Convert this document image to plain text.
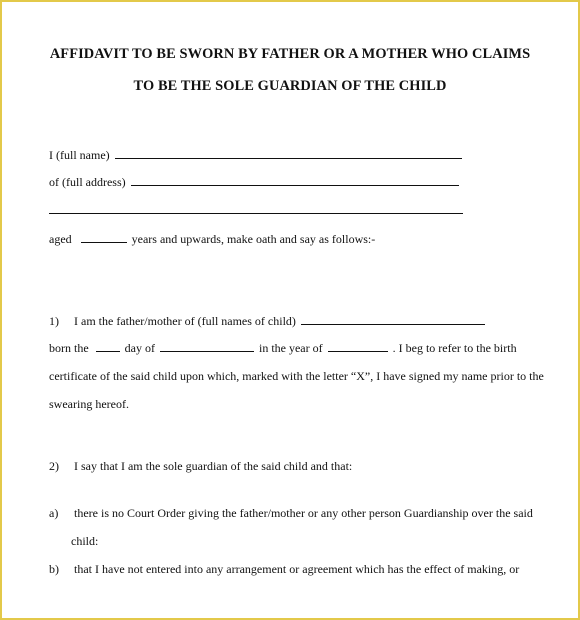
AFFIDAVIT TO BE SWORN BY FATHER OR A MOTHER WHO CLAIMS
TO BE THE SOLE GUARDIAN OF THE CHILD
I (full name)
of (full address)
aged	years and upwards, make oath and say as follows:-
1) I am the father/mother of (full names of child)
born the	day of	in the year of	. I beg to refer to the birth
certificate of the said child upon which, marked with the letter “X”, I have signed my name prior to the
swearing hereof.
2) I say that I am the sole guardian of the said child and that:
a) there is no Court Order giving the father/mother or any other person Guardianship over the said
child:
b) that I have not entered into any arrangement or agreement which has the effect of making, or
